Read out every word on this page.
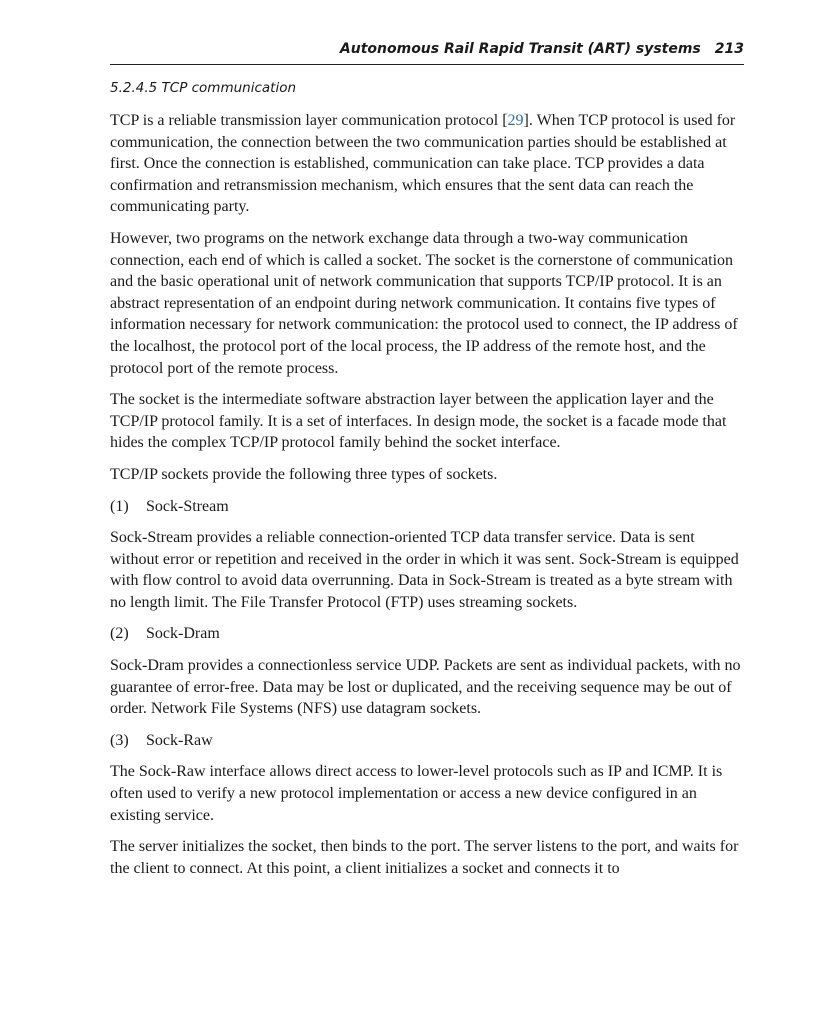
Autonomous Rail Rapid Transit (ART) systems 213
5.2.4.5 TCP communication

TCP is a reliable transmission layer communication protocol [29]. When TCP protocol is used for communication, the connection between the two communication parties should be established at first. Once the connection is established, communication can take place. TCP provides a data confirmation and retransmission mechanism, which ensures that the sent data can reach the communicating party.

However, two programs on the network exchange data through a two-way communication connection, each end of which is called a socket. The socket is the cornerstone of communication and the basic operational unit of network communication that supports TCP/IP protocol. It is an abstract representation of an endpoint during network communication. It contains five types of information necessary for network communication: the protocol used to connect, the IP address of the localhost, the protocol port of the local process, the IP address of the remote host, and the protocol port of the remote process.

The socket is the intermediate software abstraction layer between the application layer and the TCP/IP protocol family. It is a set of interfaces. In design mode, the socket is a facade mode that hides the complex TCP/IP protocol family behind the socket interface.

TCP/IP sockets provide the following three types of sockets.

(1) Sock-Stream

Sock-Stream provides a reliable connection-oriented TCP data transfer service. Data is sent without error or repetition and received in the order in which it was sent. Sock-Stream is equipped with flow control to avoid data overrunning. Data in Sock-Stream is treated as a byte stream with no length limit. The File Transfer Protocol (FTP) uses streaming sockets.

(2) Sock-Dram

Sock-Dram provides a connectionless service UDP. Packets are sent as individual packets, with no guarantee of error-free. Data may be lost or duplicated, and the receiving sequence may be out of order. Network File Systems (NFS) use datagram sockets.

(3) Sock-Raw

The Sock-Raw interface allows direct access to lower-level protocols such as IP and ICMP. It is often used to verify a new protocol implementation or access a new device configured in an existing service.

The server initializes the socket, then binds to the port. The server listens to the port, and waits for the client to connect. At this point, a client initializes a socket and connects it to
